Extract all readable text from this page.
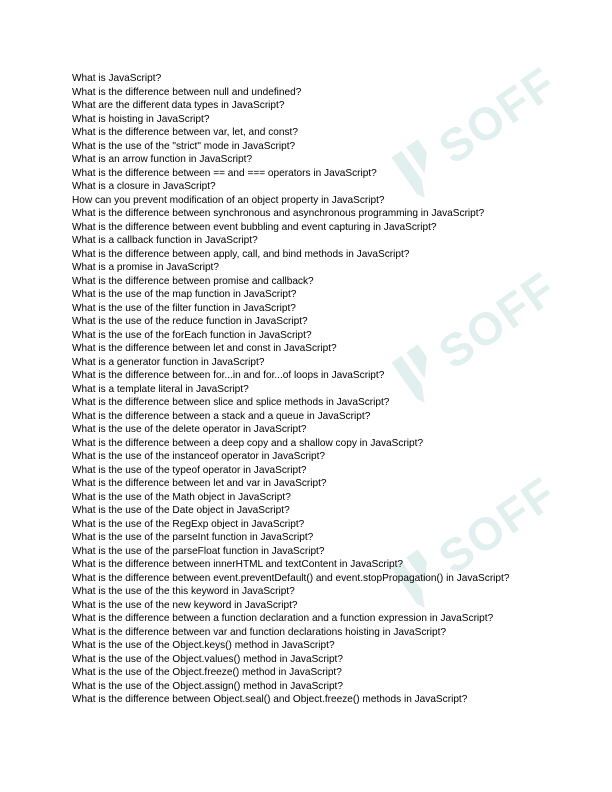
SOFF
SOFF
SOFF
What is JavaScript?
What is the difference between null and undefined?
What are the different data types in JavaScript?
What is hoisting in JavaScript?
What is the difference between var, let, and const?
What is the use of the "strict" mode in JavaScript?
What is an arrow function in JavaScript?
What is the difference between == and === operators in JavaScript?
What is a closure in JavaScript?
How can you prevent modification of an object property in JavaScript?
What is the difference between synchronous and asynchronous programming in JavaScript?
What is the difference between event bubbling and event capturing in JavaScript?
What is a callback function in JavaScript?
What is the difference between apply, call, and bind methods in JavaScript?
What is a promise in JavaScript?
What is the difference between promise and callback?
What is the use of the map function in JavaScript?
What is the use of the filter function in JavaScript?
What is the use of the reduce function in JavaScript?
What is the use of the forEach function in JavaScript?
What is the difference between let and const in JavaScript?
What is a generator function in JavaScript?
What is the difference between for...in and for...of loops in JavaScript?
What is a template literal in JavaScript?
What is the difference between slice and splice methods in JavaScript?
What is the difference between a stack and a queue in JavaScript?
What is the use of the delete operator in JavaScript?
What is the difference between a deep copy and a shallow copy in JavaScript?
What is the use of the instanceof operator in JavaScript?
What is the use of the typeof operator in JavaScript?
What is the difference between let and var in JavaScript?
What is the use of the Math object in JavaScript?
What is the use of the Date object in JavaScript?
What is the use of the RegExp object in JavaScript?
What is the use of the parseInt function in JavaScript?
What is the use of the parseFloat function in JavaScript?
What is the difference between innerHTML and textContent in JavaScript?
What is the difference between event.preventDefault() and event.stopPropagation() in JavaScript?
What is the use of the this keyword in JavaScript?
What is the use of the new keyword in JavaScript?
What is the difference between a function declaration and a function expression in JavaScript?
What is the difference between var and function declarations hoisting in JavaScript?
What is the use of the Object.keys() method in JavaScript?
What is the use of the Object.values() method in JavaScript?
What is the use of the Object.freeze() method in JavaScript?
What is the use of the Object.assign() method in JavaScript?
What is the difference between Object.seal() and Object.freeze() methods in JavaScript?
